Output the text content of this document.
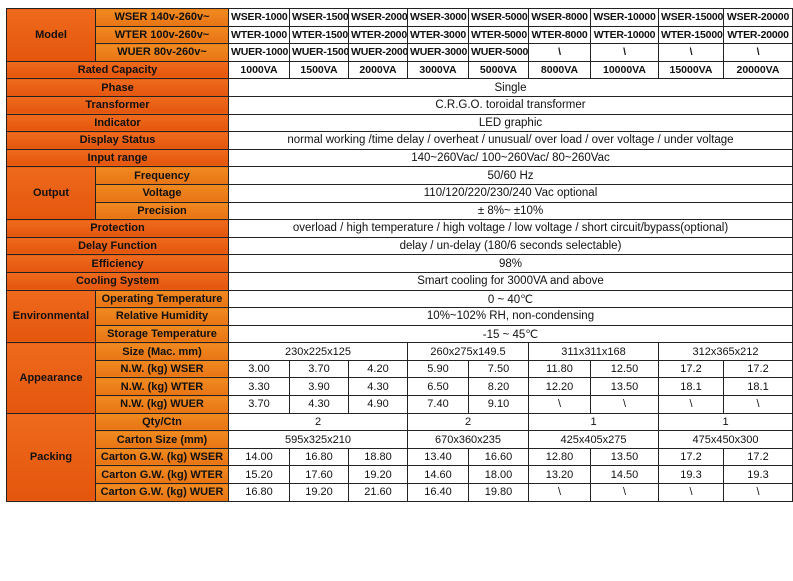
Model	WSER 140v-260v~	WSER-1000	WSER-1500	WSER-2000	WSER-3000	WSER-5000	WSER-8000	WSER-10000	WSER-15000	WSER-20000
	WTER 100v-260v~	WTER-1000	WTER-1500	WTER-2000	WTER-3000	WTER-5000	WTER-8000	WTER-10000	WTER-15000	WTER-20000
	WUER 80v-260v~	WUER-1000	WUER-1500	WUER-2000	WUER-3000	WUER-5000	\	\	\	\
Rated Capacity		1000VA	1500VA	2000VA	3000VA	5000VA	8000VA	10000VA	15000VA	20000VA
Phase		Single								
Transformer		C.R.G.O. toroidal transformer								
Indicator		LED graphic								
Display Status		normal working /time delay / overheat / unusual/ over load / over voltage / under voltage								
Input range		140~260Vac/ 100~260Vac/ 80~260Vac								
Output	Frequency	50/60 Hz								
	Voltage	110/120/220/230/240 Vac optional								
	Precision	± 8%~ ±10%								
Protection		overload / high temperature / high voltage / low voltage / short circuit/bypass(optional)								
Delay Function		delay / un-delay (180/6 seconds selectable)								
Efficiency		98%								
Cooling System		Smart cooling for 3000VA and above								
Environmental	Operating Temperature	0 ~ 40℃								
	Relative Humidity	10%~102% RH, non-condensing								
	Storage Temperature	-15 ~ 45℃								
Appearance	Size (Mac. mm)	230x225x125			260x275x149.5		311x311x168		312x365x212	
	N.W. (kg) WSER	3.00	3.70	4.20	5.90	7.50	11.80	12.50	17.2	17.2
	N.W. (kg) WTER	3.30	3.90	4.30	6.50	8.20	12.20	13.50	18.1	18.1
	N.W. (kg) WUER	3.70	4.30	4.90	7.40	9.10	\	\	\	\
Packing	Qty/Ctn	2			2		1		1	
	Carton Size (mm)	595x325x210			670x360x235		425x405x275		475x450x300	
	Carton G.W. (kg) WSER	14.00	16.80	18.80	13.40	16.60	12.80	13.50	17.2	17.2
	Carton G.W. (kg) WTER	15.20	17.60	19.20	14.60	18.00	13.20	14.50	19.3	19.3
	Carton G.W. (kg) WUER	16.80	19.20	21.60	16.40	19.80	\	\	\	\
